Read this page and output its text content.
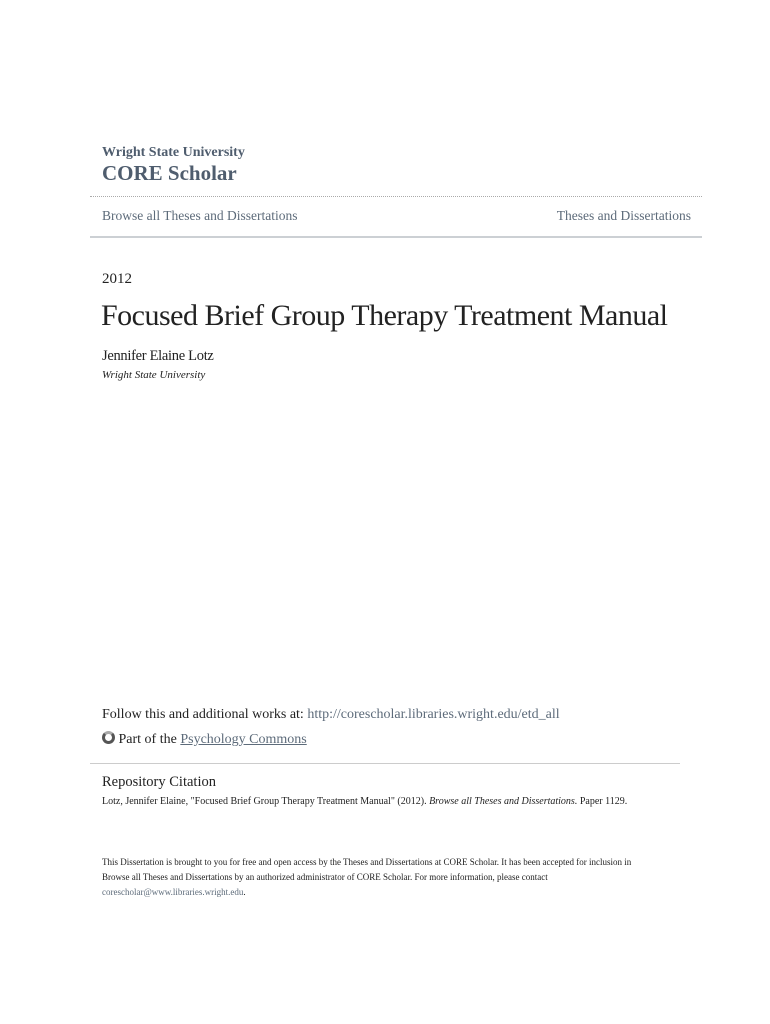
Wright State University
CORE Scholar
Browse all Theses and Dissertations	Theses and Dissertations
2012
Focused Brief Group Therapy Treatment Manual
Jennifer Elaine Lotz
Wright State University
Follow this and additional works at: http://corescholar.libraries.wright.edu/etd_all
Part of the Psychology Commons
Repository Citation
Lotz, Jennifer Elaine, "Focused Brief Group Therapy Treatment Manual" (2012). Browse all Theses and Dissertations. Paper 1129.
This Dissertation is brought to you for free and open access by the Theses and Dissertations at CORE Scholar. It has been accepted for inclusion in
Browse all Theses and Dissertations by an authorized administrator of CORE Scholar. For more information, please contact
corescholar@www.libraries.wright.edu.
